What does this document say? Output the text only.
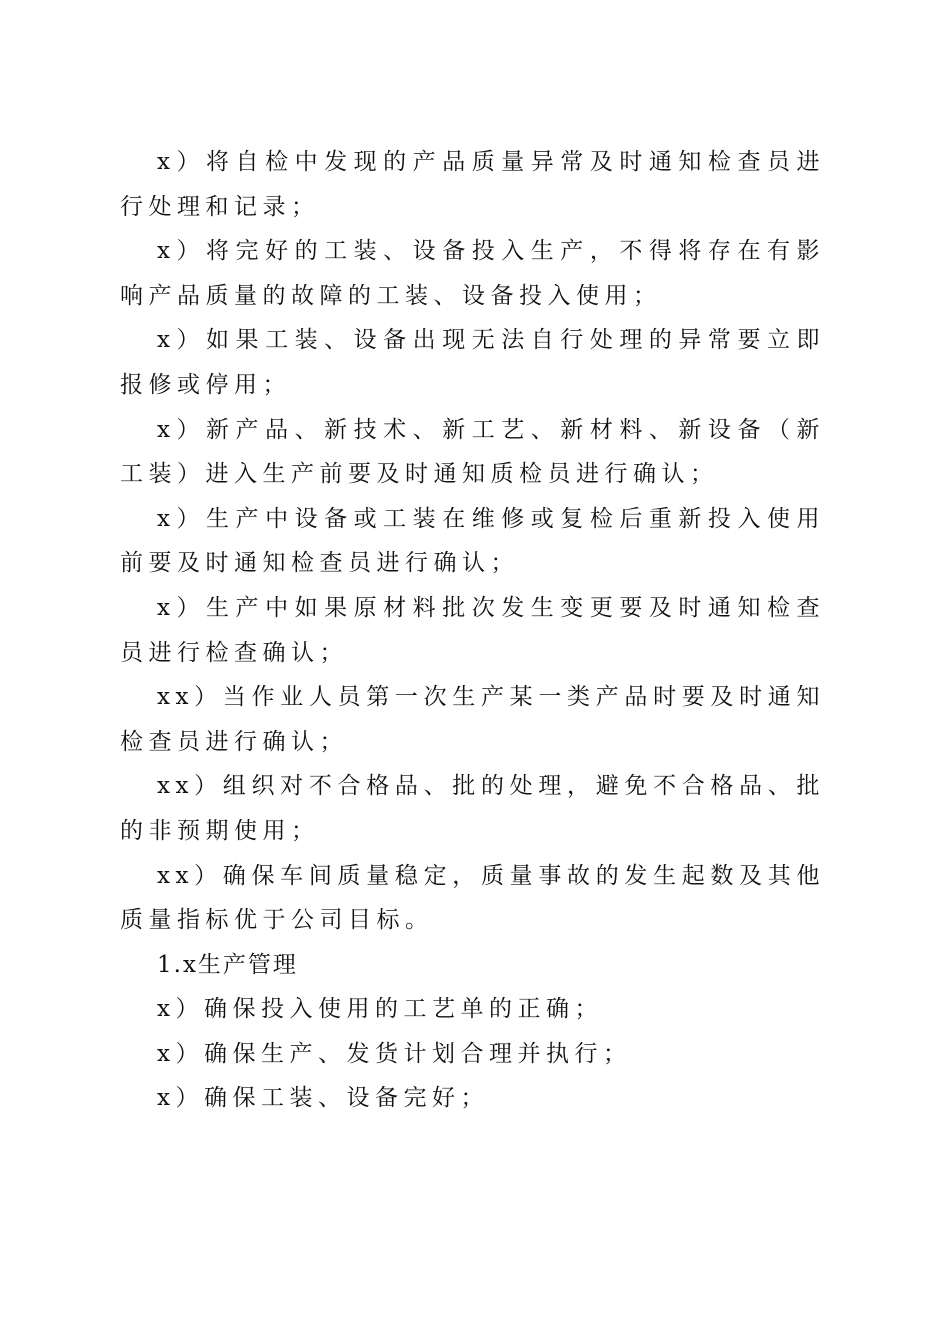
x）将自检中发现的产品质量异常及时通知检查员进行处理和记录；

x）将完好的工装、设备投入生产，不得将存在有影响产品质量的故障的工装、设备投入使用；

x）如果工装、设备出现无法自行处理的异常要立即报修或停用；

x）新产品、新技术、新工艺、新材料、新设备（新工装）进入生产前要及时通知质检员进行确认；

x）生产中设备或工装在维修或复检后重新投入使用前要及时通知检查员进行确认；

x）生产中如果原材料批次发生变更要及时通知检查员进行检查确认；

xx）当作业人员第一次生产某一类产品时要及时通知检查员进行确认；

xx）组织对不合格品、批的处理，避免不合格品、批的非预期使用；

xx）确保车间质量稳定，质量事故的发生起数及其他质量指标优于公司目标。

1.x生产管理

x）确保投入使用的工艺单的正确；

x）确保生产、发货计划合理并执行；

x）确保工装、设备完好；
